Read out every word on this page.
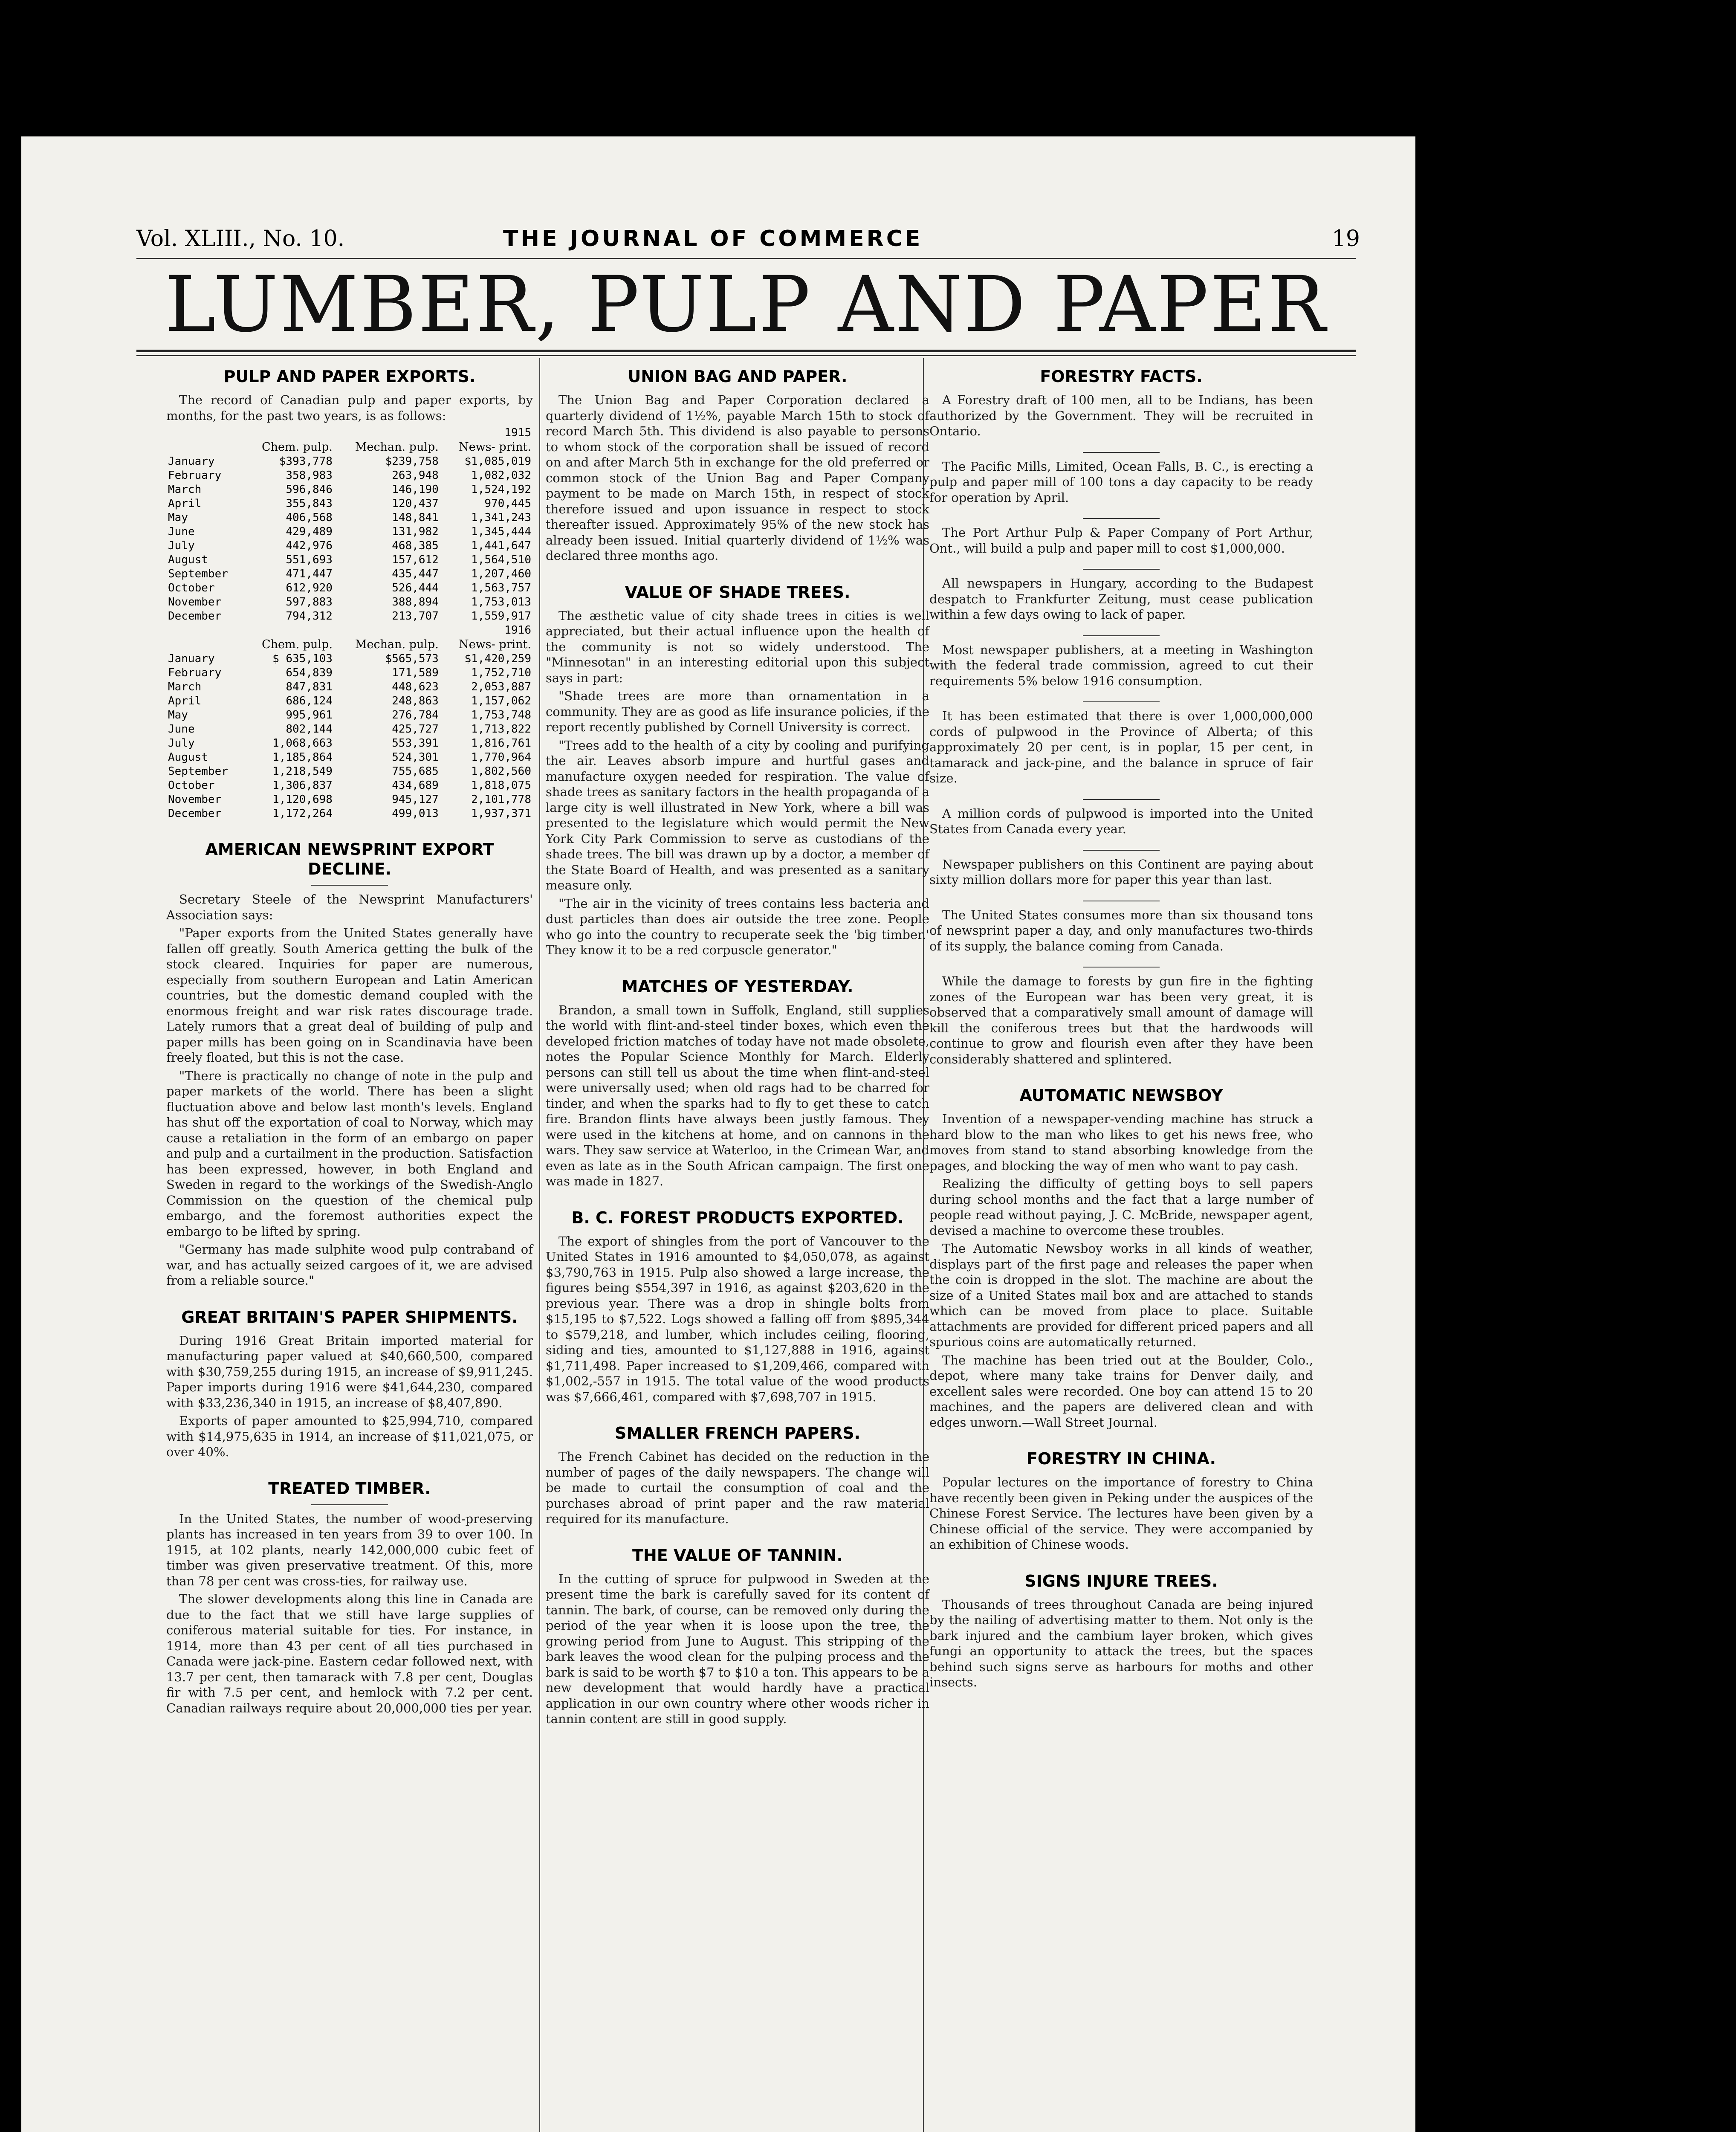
Vol. XLIII., No. 10.	THE JOURNAL OF COMMERCE	19
LUMBER, PULP AND PAPER
PULP AND PAPER EXPORTS.

The record of Canadian pulp and paper exports, by months, for the past two years, is as follows:

1915			
	Chem. pulp.	Mechan. pulp.	News- print.
January	$393,778	$239,758	$1,085,019
February	358,983	263,948	1,082,032
March	596,846	146,190	1,524,192
April	355,843	120,437	970,445
May	406,568	148,841	1,341,243
June	429,489	131,982	1,345,444
July	442,976	468,385	1,441,647
August	551,693	157,612	1,564,510
September	471,447	435,447	1,207,460
October	612,920	526,444	1,563,757
November	597,883	388,894	1,753,013
December	794,312	213,707	1,559,917
1916			
	Chem. pulp.	Mechan. pulp.	News- print.
January	$ 635,103	$565,573	$1,420,259
February	654,839	171,589	1,752,710
March	847,831	448,623	2,053,887
April	686,124	248,863	1,157,062
May	995,961	276,784	1,753,748
June	802,144	425,727	1,713,822
July	1,068,663	553,391	1,816,761
August	1,185,864	524,301	1,770,964
September	1,218,549	755,685	1,802,560
October	1,306,837	434,689	1,818,075
November	1,120,698	945,127	2,101,778
December	1,172,264	499,013	1,937,371
AMERICAN NEWSPRINT EXPORT DECLINE.

Secretary Steele of the Newsprint Manufacturers' Association says:

"Paper exports from the United States generally have fallen off greatly. South America getting the bulk of the stock cleared. Inquiries for paper are numerous, especially from southern European and Latin American countries, but the domestic demand coupled with the enormous freight and war risk rates discourage trade. Lately rumors that a great deal of building of pulp and paper mills has been going on in Scandinavia have been freely floated, but this is not the case.

"There is practically no change of note in the pulp and paper markets of the world. There has been a slight fluctuation above and below last month's levels. England has shut off the exportation of coal to Norway, which may cause a retaliation in the form of an embargo on paper and pulp and a curtailment in the production. Satisfaction has been expressed, however, in both England and Sweden in regard to the workings of the Swedish-Anglo Commission on the question of the chemical pulp embargo, and the foremost authorities expect the embargo to be lifted by spring.

"Germany has made sulphite wood pulp contraband of war, and has actually seized cargoes of it, we are advised from a reliable source."

GREAT BRITAIN'S PAPER SHIPMENTS.

During 1916 Great Britain imported material for manufacturing paper valued at $40,660,500, compared with $30,759,255 during 1915, an increase of $9,911,245. Paper imports during 1916 were $41,644,230, compared with $33,236,340 in 1915, an increase of $8,407,890.

Exports of paper amounted to $25,994,710, compared with $14,975,635 in 1914, an increase of $11,021,075, or over 40%.

TREATED TIMBER.

In the United States, the number of wood-preserving plants has increased in ten years from 39 to over 100. In 1915, at 102 plants, nearly 142,000,000 cubic feet of timber was given preservative treatment. Of this, more than 78 per cent was cross-ties, for railway use.

The slower developments along this line in Canada are due to the fact that we still have large supplies of coniferous material suitable for ties. For instance, in 1914, more than 43 per cent of all ties purchased in Canada were jack-pine. Eastern cedar followed next, with 13.7 per cent, then tamarack with 7.8 per cent, Douglas fir with 7.5 per cent, and hemlock with 7.2 per cent. Canadian railways require about 20,000,000 ties per year.

UNION BAG AND PAPER.

The Union Bag and Paper Corporation declared a quarterly dividend of 1½%, payable March 15th to stock of record March 5th. This dividend is also payable to persons to whom stock of the corporation shall be issued of record on and after March 5th in exchange for the old preferred or common stock of the Union Bag and Paper Company payment to be made on March 15th, in respect of stock therefore issued and upon issuance in respect to stock thereafter issued. Approximately 95% of the new stock has already been issued. Initial quarterly dividend of 1½% was declared three months ago.

VALUE OF SHADE TREES.

The æsthetic value of city shade trees in cities is well appreciated, but their actual influence upon the health of the community is not so widely understood. The "Minnesotan" in an interesting editorial upon this subject says in part:

"Shade trees are more than ornamentation in a community. They are as good as life insurance policies, if the report recently published by Cornell University is correct.

"Trees add to the health of a city by cooling and purifying the air. Leaves absorb impure and hurtful gases and manufacture oxygen needed for respiration. The value of shade trees as sanitary factors in the health propaganda of a large city is well illustrated in New York, where a bill was presented to the legislature which would permit the New York City Park Commission to serve as custodians of the shade trees. The bill was drawn up by a doctor, a member of the State Board of Health, and was presented as a sanitary measure only.

"The air in the vicinity of trees contains less bacteria and dust particles than does air outside the tree zone. People who go into the country to recuperate seek the 'big timber.' They know it to be a red corpuscle generator."

MATCHES OF YESTERDAY.

Brandon, a small town in Suffolk, England, still supplies the world with flint-and-steel tinder boxes, which even the developed friction matches of today have not made obsolete, notes the Popular Science Monthly for March. Elderly persons can still tell us about the time when flint-and-steel were universally used; when old rags had to be charred for tinder, and when the sparks had to fly to get these to catch fire. Brandon flints have always been justly famous. They were used in the kitchens at home, and on cannons in the wars. They saw service at Waterloo, in the Crimean War, and even as late as in the South African campaign. The first one was made in 1827.

B. C. FOREST PRODUCTS EXPORTED.

The export of shingles from the port of Vancouver to the United States in 1916 amounted to $4,050,078, as against $3,790,763 in 1915. Pulp also showed a large increase, the figures being $554,397 in 1916, as against $203,620 in the previous year. There was a drop in shingle bolts from $15,195 to $7,522. Logs showed a falling off from $895,344 to $579,218, and lumber, which includes ceiling, flooring, siding and ties, amounted to $1,127,888 in 1916, against $1,711,498. Paper increased to $1,209,466, compared with $1,002,-557 in 1915. The total value of the wood products was $7,666,461, compared with $7,698,707 in 1915.

SMALLER FRENCH PAPERS.

The French Cabinet has decided on the reduction in the number of pages of the daily newspapers. The change will be made to curtail the consumption of coal and the purchases abroad of print paper and the raw material required for its manufacture.

THE VALUE OF TANNIN.

In the cutting of spruce for pulpwood in Sweden at the present time the bark is carefully saved for its content of tannin. The bark, of course, can be removed only during the period of the year when it is loose upon the tree, the growing period from June to August. This stripping of the bark leaves the wood clean for the pulping process and the bark is said to be worth $7 to $10 a ton. This appears to be a new development that would hardly have a practical application in our own country where other woods richer in tannin content are still in good supply.

FORESTRY FACTS.

A Forestry draft of 100 men, all to be Indians, has been authorized by the Government. They will be recruited in Ontario.

The Pacific Mills, Limited, Ocean Falls, B. C., is erecting a pulp and paper mill of 100 tons a day capacity to be ready for operation by April.

The Port Arthur Pulp & Paper Company of Port Arthur, Ont., will build a pulp and paper mill to cost $1,000,000.

All newspapers in Hungary, according to the Budapest despatch to Frankfurter Zeitung, must cease publication within a few days owing to lack of paper.

Most newspaper publishers, at a meeting in Washington with the federal trade commission, agreed to cut their requirements 5% below 1916 consumption.

It has been estimated that there is over 1,000,000,000 cords of pulpwood in the Province of Alberta; of this approximately 20 per cent, is in poplar, 15 per cent, in tamarack and jack-pine, and the balance in spruce of fair size.

A million cords of pulpwood is imported into the United States from Canada every year.

Newspaper publishers on this Continent are paying about sixty million dollars more for paper this year than last.

The United States consumes more than six thousand tons of newsprint paper a day, and only manufactures two-thirds of its supply, the balance coming from Canada.

While the damage to forests by gun fire in the fighting zones of the European war has been very great, it is observed that a comparatively small amount of damage will kill the coniferous trees but that the hardwoods will continue to grow and flourish even after they have been considerably shattered and splintered.

AUTOMATIC NEWSBOY

Invention of a newspaper-vending machine has struck a hard blow to the man who likes to get his news free, who moves from stand to stand absorbing knowledge from the pages, and blocking the way of men who want to pay cash.

Realizing the difficulty of getting boys to sell papers during school months and the fact that a large number of people read without paying, J. C. McBride, newspaper agent, devised a machine to overcome these troubles.

The Automatic Newsboy works in all kinds of weather, displays part of the first page and releases the paper when the coin is dropped in the slot. The machine are about the size of a United States mail box and are attached to stands which can be moved from place to place. Suitable attachments are provided for different priced papers and all spurious coins are automatically returned.

The machine has been tried out at the Boulder, Colo., depot, where many take trains for Denver daily, and excellent sales were recorded. One boy can attend 15 to 20 machines, and the papers are delivered clean and with edges unworn.—Wall Street Journal.

FORESTRY IN CHINA.

Popular lectures on the importance of forestry to China have recently been given in Peking under the auspices of the Chinese Forest Service. The lectures have been given by a Chinese official of the service. They were accompanied by an exhibition of Chinese woods.

SIGNS INJURE TREES.

Thousands of trees throughout Canada are being injured by the nailing of advertising matter to them. Not only is the bark injured and the cambium layer broken, which gives fungi an opportunity to attack the trees, but the spaces behind such signs serve as harbours for moths and other insects.
